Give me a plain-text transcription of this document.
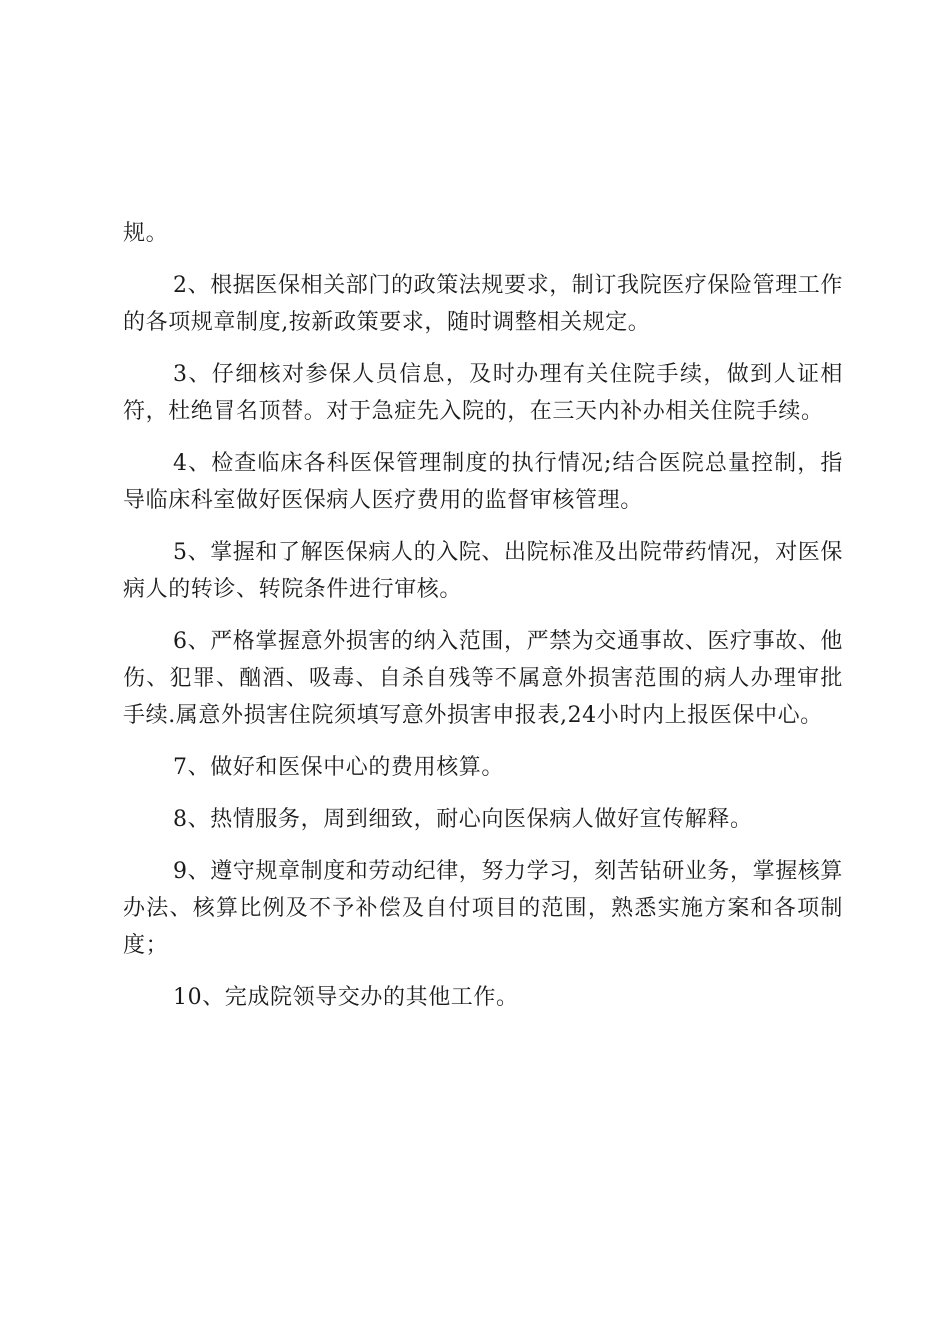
规。

2、根据医保相关部门的政策法规要求，制订我院医疗保险管理工作的各项规章制度,按新政策要求，随时调整相关规定。

3、仔细核对参保人员信息，及时办理有关住院手续，做到人证相符，杜绝冒名顶替。对于急症先入院的，在三天内补办相关住院手续。

4、检查临床各科医保管理制度的执行情况;结合医院总量控制，指导临床科室做好医保病人医疗费用的监督审核管理。

5、掌握和了解医保病人的入院、出院标准及出院带药情况，对医保病人的转诊、转院条件进行审核。

6、严格掌握意外损害的纳入范围，严禁为交通事故、医疗事故、他伤、犯罪、酗酒、吸毒、自杀自残等不属意外损害范围的病人办理审批手续.属意外损害住院须填写意外损害申报表,24小时内上报医保中心。

7、做好和医保中心的费用核算。

8、热情服务，周到细致，耐心向医保病人做好宣传解释。

9、遵守规章制度和劳动纪律，努力学习，刻苦钻研业务，掌握核算办法、核算比例及不予补偿及自付项目的范围，熟悉实施方案和各项制度；

10、完成院领导交办的其他工作。
